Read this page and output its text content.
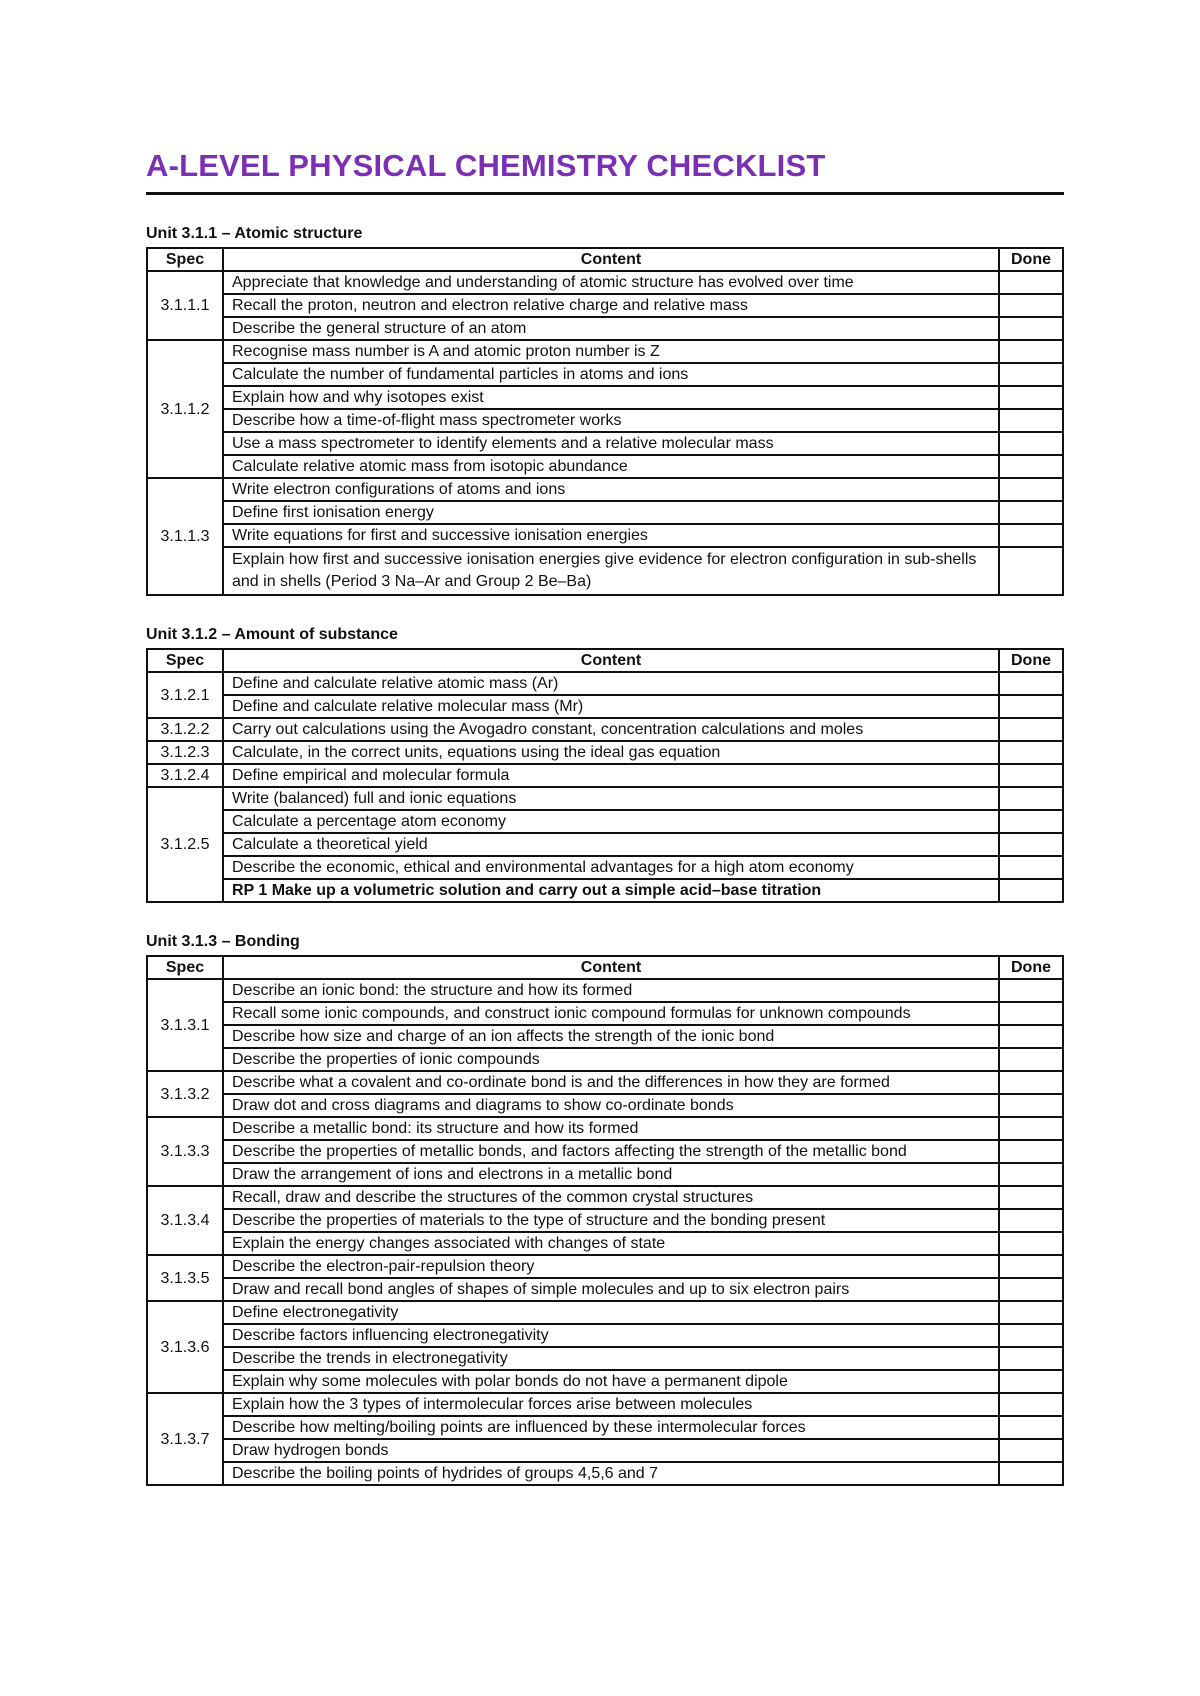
A-LEVEL PHYSICAL CHEMISTRY CHECKLIST
Unit 3.1.1 – Atomic structure
Spec	Content	Done
3.1.1.1	Appreciate that knowledge and understanding of atomic structure has evolved over time	
	Recall the proton, neutron and electron relative charge and relative mass	
	Describe the general structure of an atom	
3.1.1.2	Recognise mass number is A and atomic proton number is Z	
	Calculate the number of fundamental particles in atoms and ions	
	Explain how and why isotopes exist	
	Describe how a time-of-flight mass spectrometer works	
	Use a mass spectrometer to identify elements and a relative molecular mass	
	Calculate relative atomic mass from isotopic abundance	
3.1.1.3	Write electron configurations of atoms and ions	
	Define first ionisation energy	
	Write equations for first and successive ionisation energies	
	Explain how first and successive ionisation energies give evidence for electron configuration in sub-shells and in shells (Period 3 Na–Ar and Group 2 Be–Ba)	
Unit 3.1.2 – Amount of substance
Spec	Content	Done
3.1.2.1	Define and calculate relative atomic mass (Ar)	
	Define and calculate relative molecular mass (Mr)	
3.1.2.2	Carry out calculations using the Avogadro constant, concentration calculations and moles	
3.1.2.3	Calculate, in the correct units, equations using the ideal gas equation	
3.1.2.4	Define empirical and molecular formula	
3.1.2.5	Write (balanced) full and ionic equations	
	Calculate a percentage atom economy	
	Calculate a theoretical yield	
	Describe the economic, ethical and environmental advantages for a high atom economy	
	RP 1 Make up a volumetric solution and carry out a simple acid–base titration	
Unit 3.1.3 – Bonding
Spec	Content	Done
3.1.3.1	Describe an ionic bond: the structure and how its formed	
	Recall some ionic compounds, and construct ionic compound formulas for unknown compounds	
	Describe how size and charge of an ion affects the strength of the ionic bond	
	Describe the properties of ionic compounds	
3.1.3.2	Describe what a covalent and co-ordinate bond is and the differences in how they are formed	
	Draw dot and cross diagrams and diagrams to show co-ordinate bonds	
3.1.3.3	Describe a metallic bond: its structure and how its formed	
	Describe the properties of metallic bonds, and factors affecting the strength of the metallic bond	
	Draw the arrangement of ions and electrons in a metallic bond	
3.1.3.4	Recall, draw and describe the structures of the common crystal structures	
	Describe the properties of materials to the type of structure and the bonding present	
	Explain the energy changes associated with changes of state	
3.1.3.5	Describe the electron-pair-repulsion theory	
	Draw and recall bond angles of shapes of simple molecules and up to six electron pairs	
3.1.3.6	Define electronegativity	
	Describe factors influencing electronegativity	
	Describe the trends in electronegativity	
	Explain why some molecules with polar bonds do not have a permanent dipole	
3.1.3.7	Explain how the 3 types of intermolecular forces arise between molecules	
	Describe how melting/boiling points are influenced by these intermolecular forces	
	Draw hydrogen bonds	
	Describe the boiling points of hydrides of groups 4,5,6 and 7	
